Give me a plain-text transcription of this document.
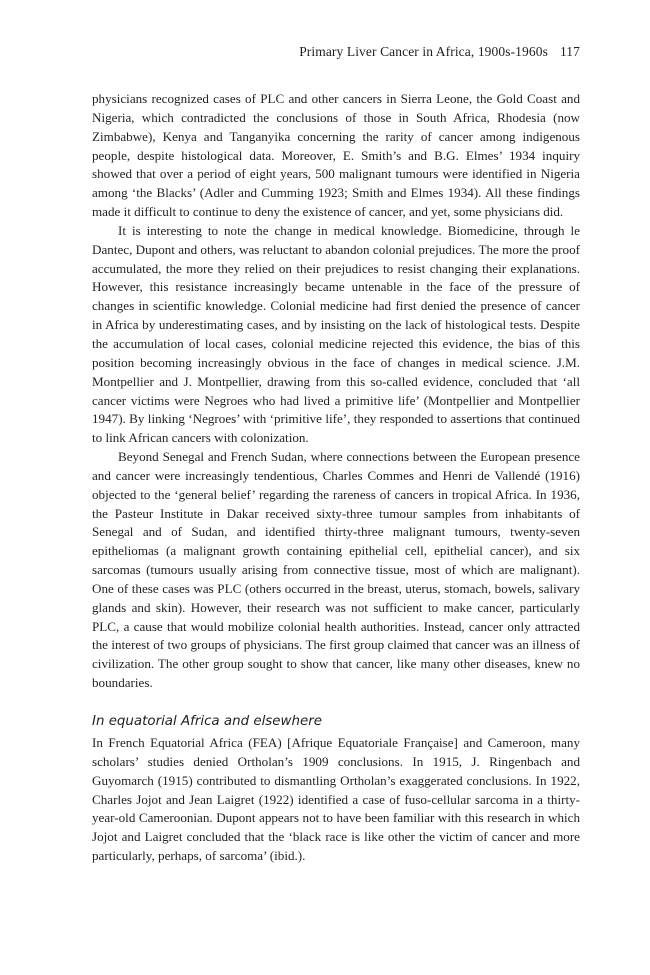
Primary Liver Cancer in Africa, 1900s-1960s 117

physicians recognized cases of PLC and other cancers in Sierra Leone, the Gold Coast and Nigeria, which contradicted the conclusions of those in South Africa, Rhodesia (now Zimbabwe), Kenya and Tanganyika concerning the rarity of cancer among indigenous people, despite histological data. Moreover, E. Smith’s and B.G. Elmes’ 1934 inquiry showed that over a period of eight years, 500 malignant tumours were identified in Nigeria among ‘the Blacks’ (Adler and Cumming 1923; Smith and Elmes 1934). All these findings made it difficult to continue to deny the existence of cancer, and yet, some physicians did.

It is interesting to note the change in medical knowledge. Biomedicine, through le Dantec, Dupont and others, was reluctant to abandon colonial prejudices. The more the proof accumulated, the more they relied on their prejudices to resist changing their explanations. However, this resistance increasingly became untenable in the face of the pressure of changes in scientific knowledge. Colonial medicine had first denied the presence of cancer in Africa by underestimating cases, and by insisting on the lack of histological tests. Despite the accumulation of local cases, colonial medicine rejected this evidence, the bias of this position becoming increasingly obvious in the face of changes in medical science. J.M. Montpellier and J. Montpellier, drawing from this so-called evidence, concluded that ‘all cancer victims were Negroes who had lived a primitive life’ (Montpellier and Montpellier 1947). By linking ‘Negroes’ with ‘primitive life’, they responded to assertions that continued to link African cancers with colonization.

Beyond Senegal and French Sudan, where connections between the European presence and cancer were increasingly tendentious, Charles Commes and Henri de Vallendé (1916) objected to the ‘general belief’ regarding the rareness of cancers in tropical Africa. In 1936, the Pasteur Institute in Dakar received sixty-three tumour samples from inhabitants of Senegal and of Sudan, and identified thirty-three malignant tumours, twenty-seven epitheliomas (a malignant growth containing epithelial cell, epithelial cancer), and six sarcomas (tumours usually arising from connective tissue, most of which are malignant). One of these cases was PLC (others occurred in the breast, uterus, stomach, bowels, salivary glands and skin). However, their research was not sufficient to make cancer, particularly PLC, a cause that would mobilize colonial health authorities. Instead, cancer only attracted the interest of two groups of physicians. The first group claimed that cancer was an illness of civilization. The other group sought to show that cancer, like many other diseases, knew no boundaries.

In equatorial Africa and elsewhere

In French Equatorial Africa (FEA) [Afrique Equatoriale Française] and Cameroon, many scholars’ studies denied Ortholan’s 1909 conclusions. In 1915, J. Ringenbach and Guyomarch (1915) contributed to dismantling Ortholan’s exaggerated conclusions. In 1922, Charles Jojot and Jean Laigret (1922) identified a case of fuso-cellular sarcoma in a thirty-year-old Cameroonian. Dupont appears not to have been familiar with this research in which Jojot and Laigret concluded that the ‘black race is like other the victim of cancer and more particularly, perhaps, of sarcoma’ (ibid.).
